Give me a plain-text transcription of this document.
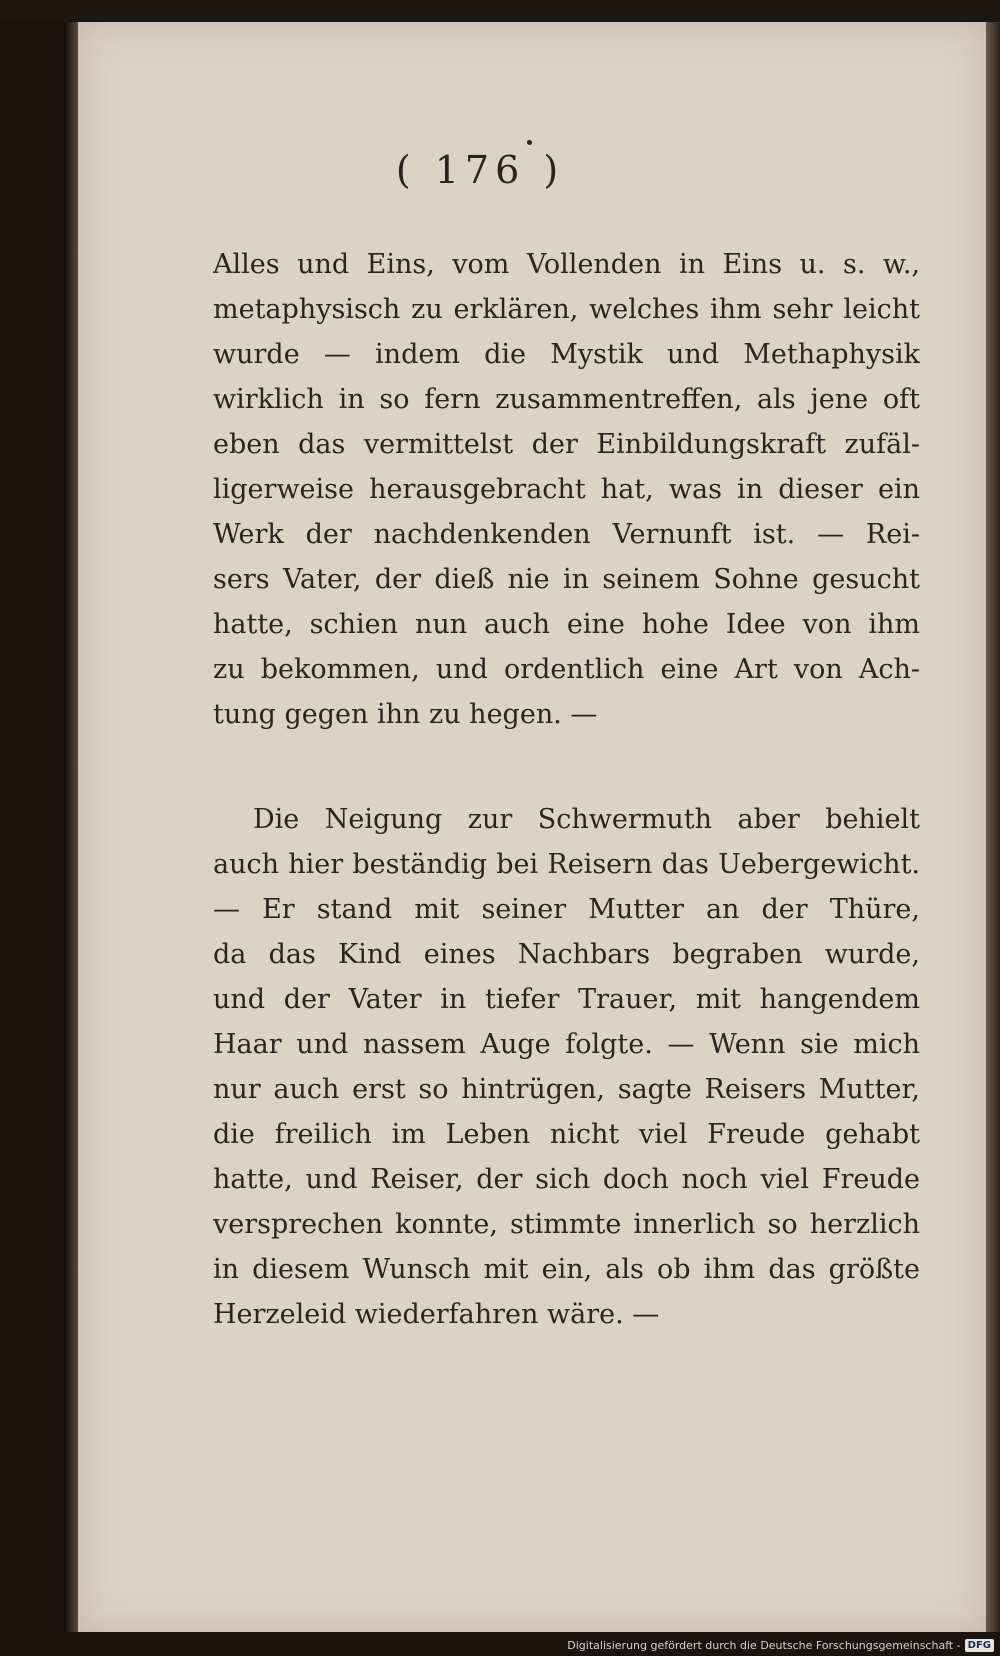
( 176 )
Alles und Eins, vom Vollenden in Eins u. s. w.,
metaphysisch zu erklären, welches ihm sehr leicht
wurde — indem die Mystik und Methaphysik
wirklich in so fern zusammentreffen, als jene oft
eben das vermittelst der Einbildungskraft zufäl-
ligerweise herausgebracht hat, was in dieser ein
Werk der nachdenkenden Vernunft ist. — Rei-
sers Vater, der dieß nie in seinem Sohne gesucht
hatte, schien nun auch eine hohe Idee von ihm
zu bekommen, und ordentlich eine Art von Ach-
tung gegen ihn zu hegen. —
Die Neigung zur Schwermuth aber behielt
auch hier beständig bei Reisern das Uebergewicht.
— Er stand mit seiner Mutter an der Thüre,
da das Kind eines Nachbars begraben wurde,
und der Vater in tiefer Trauer, mit hangendem
Haar und nassem Auge folgte. — Wenn sie mich
nur auch erst so hintrügen, sagte Reisers Mutter,
die freilich im Leben nicht viel Freude gehabt
hatte, und Reiser, der sich doch noch viel Freude
versprechen konnte, stimmte innerlich so herzlich
in diesem Wunsch mit ein, als ob ihm das größte
Herzeleid wiederfahren wäre. —
Digitalisierung gefördert durch die Deutsche Forschungsgemeinschaft - DFG
